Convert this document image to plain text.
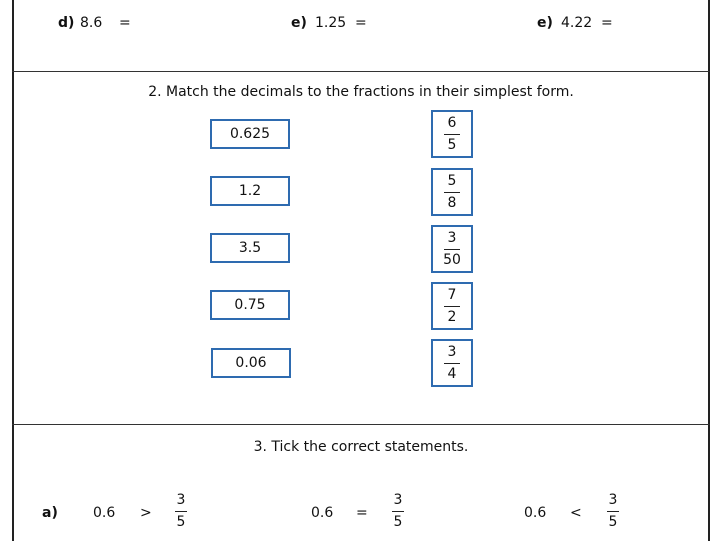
d) 8.6 =	e) 1.25 =	e) 4.22 =
2. Match the decimals to the fractions in their simplest form.
0.625
1.2
3.5
0.75
0.06
6
5
5
8
3
50
7
2
3
4
3. Tick the correct statements.
a)	0.6 >
3
5
0.6 =
3
5
0.6 <
3
5
